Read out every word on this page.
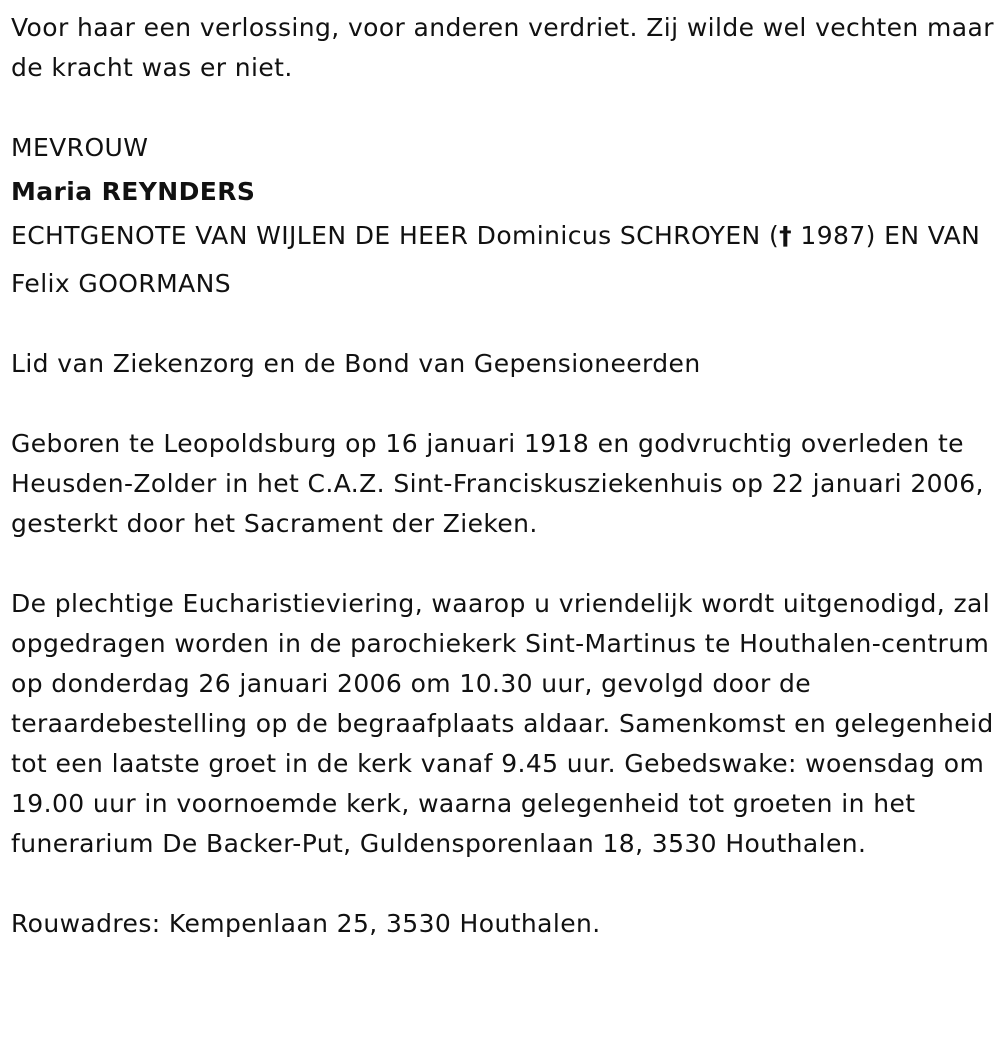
Voor haar een verlossing, voor anderen verdriet. Zij wilde wel vechten maar de kracht was er niet.

MEVROUW

Maria REYNDERS

ECHTGENOTE VAN WIJLEN DE HEER Dominicus SCHROYEN († 1987) EN VAN

Felix GOORMANS

Lid van Ziekenzorg en de Bond van Gepensioneerden

Geboren te Leopoldsburg op 16 januari 1918 en godvruchtig overleden te Heusden-Zolder in het C.A.Z. Sint-Franciskusziekenhuis op 22 januari 2006, gesterkt door het Sacrament der Zieken.

De plechtige Eucharistieviering, waarop u vriendelijk wordt uitgenodigd, zal opgedragen worden in de parochiekerk Sint-Martinus te Houthalen-centrum op donderdag 26 januari 2006 om 10.30 uur, gevolgd door de teraardebestelling op de begraafplaats aldaar. Samenkomst en gelegenheid tot een laatste groet in de kerk vanaf 9.45 uur. Gebedswake: woensdag om 19.00 uur in voornoemde kerk, waarna gelegenheid tot groeten in het funerarium De Backer-Put, Guldensporenlaan 18, 3530 Houthalen.

Rouwadres: Kempenlaan 25, 3530 Houthalen.
